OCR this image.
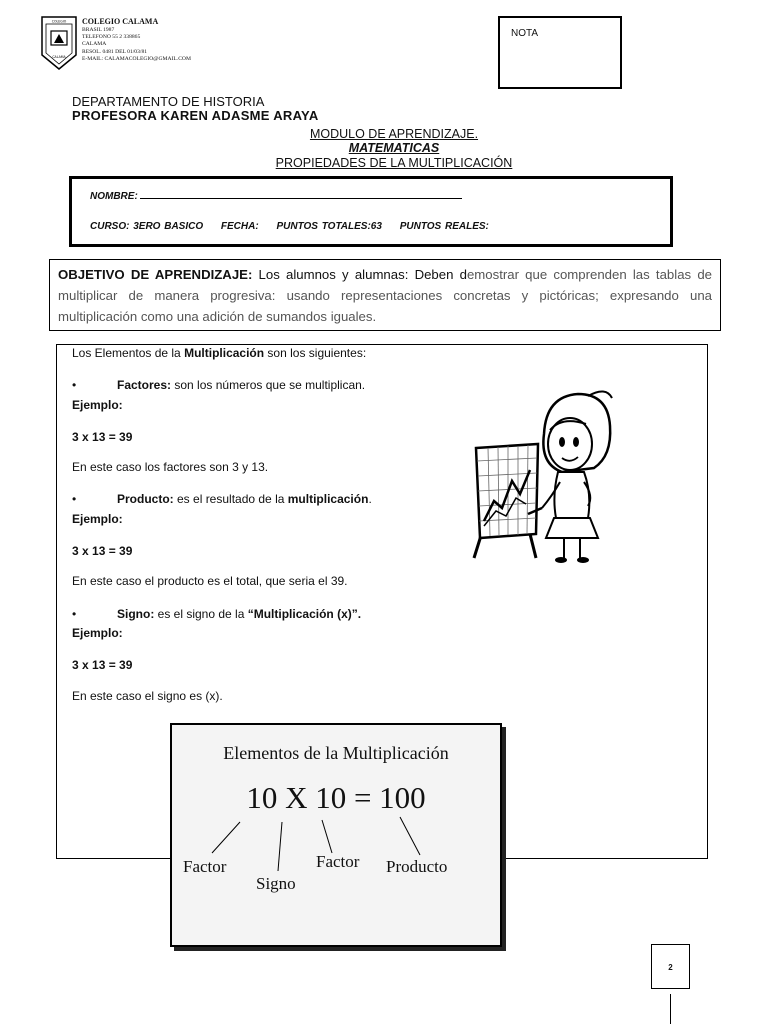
COLEGIO
CALAMA
COLEGIO CALAMA
BRASIL 1987
TELEFONO 55 2 338865
CALAMA
RESOL. 0481 DEL 01/03/81
E-MAIL: CALAMACOLEGIO@GMAIL.COM
NOTA
DEPARTAMENTO DE HISTORIA
PROFESORA KAREN ADASME ARAYA
MODULO DE APRENDIZAJE.
MATEMATICAS
PROPIEDADES DE LA MULTIPLICACIÓN
NOMBRE:
CURSO: 3ERO BASICO FECHA: PUNTOS TOTALES:63 PUNTOS REALES:
OBJETIVO DE APRENDIZAJE: Los alumnos y alumnas: Deben demostrar que comprenden las tablas de multiplicar de manera progresiva: usando representaciones concretas y pictóricas; expresando una multiplicación como una adición de sumandos iguales.
Los Elementos de la Multiplicación son los siguientes:
•	Factores: son los números que se multiplican.
Ejemplo:
3 x 13 = 39
En este caso los factores son 3 y 13.
•	Producto: es el resultado de la multiplicación.
Ejemplo:
3 x 13 = 39
En este caso el producto es el total, que seria el 39.
•	Signo: es el signo de la “Multiplicación (x)”.
Ejemplo:
3 x 13 = 39
En este caso el signo es (x).
Elementos de la Multiplicación
10 X 10 = 100
Factor
Signo
Factor Producto
2
